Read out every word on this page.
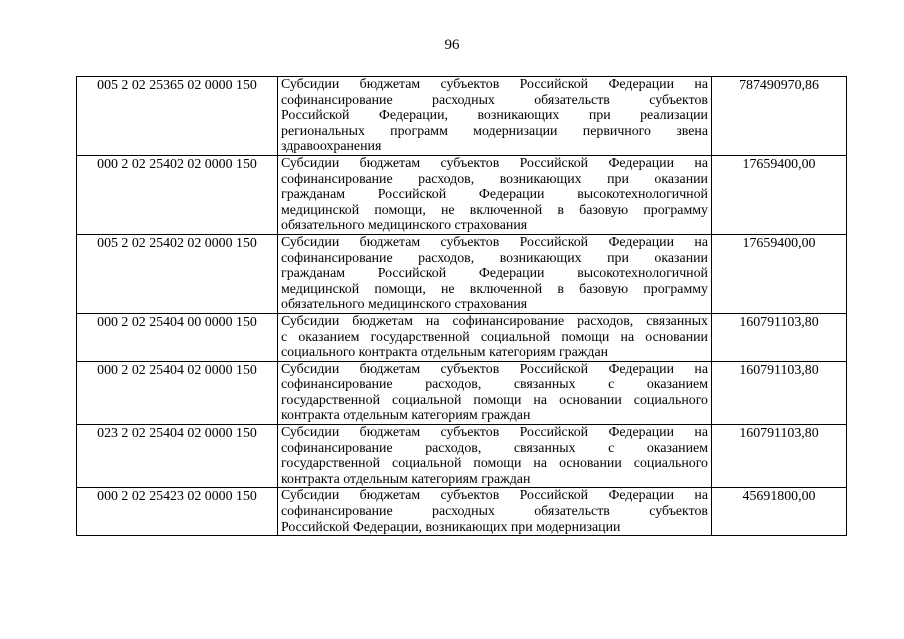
96
005 2 02 25365 02 0000 150	Субсидии бюджетам субъектов Российской Федерации на
софинансирование расходных обязательств субъектов
Российской Федерации, возникающих при реализации
региональных программ модернизации первичного звена
здравоохранения	787490970,86
000 2 02 25402 02 0000 150	Субсидии бюджетам субъектов Российской Федерации на
софинансирование расходов, возникающих при оказании
гражданам Российской Федерации высокотехнологичной
медицинской помощи, не включенной в базовую программу
обязательного медицинского страхования	17659400,00
005 2 02 25402 02 0000 150	Субсидии бюджетам субъектов Российской Федерации на
софинансирование расходов, возникающих при оказании
гражданам Российской Федерации высокотехнологичной
медицинской помощи, не включенной в базовую программу
обязательного медицинского страхования	17659400,00
000 2 02 25404 00 0000 150	Субсидии бюджетам на софинансирование расходов, связанных
с оказанием государственной социальной помощи на основании
социального контракта отдельным категориям граждан	160791103,80
000 2 02 25404 02 0000 150	Субсидии бюджетам субъектов Российской Федерации на
софинансирование расходов, связанных с оказанием
государственной социальной помощи на основании социального
контракта отдельным категориям граждан	160791103,80
023 2 02 25404 02 0000 150	Субсидии бюджетам субъектов Российской Федерации на
софинансирование расходов, связанных с оказанием
государственной социальной помощи на основании социального
контракта отдельным категориям граждан	160791103,80
000 2 02 25423 02 0000 150	Субсидии бюджетам субъектов Российской Федерации на
софинансирование расходных обязательств субъектов
Российской Федерации, возникающих при модернизации	45691800,00
